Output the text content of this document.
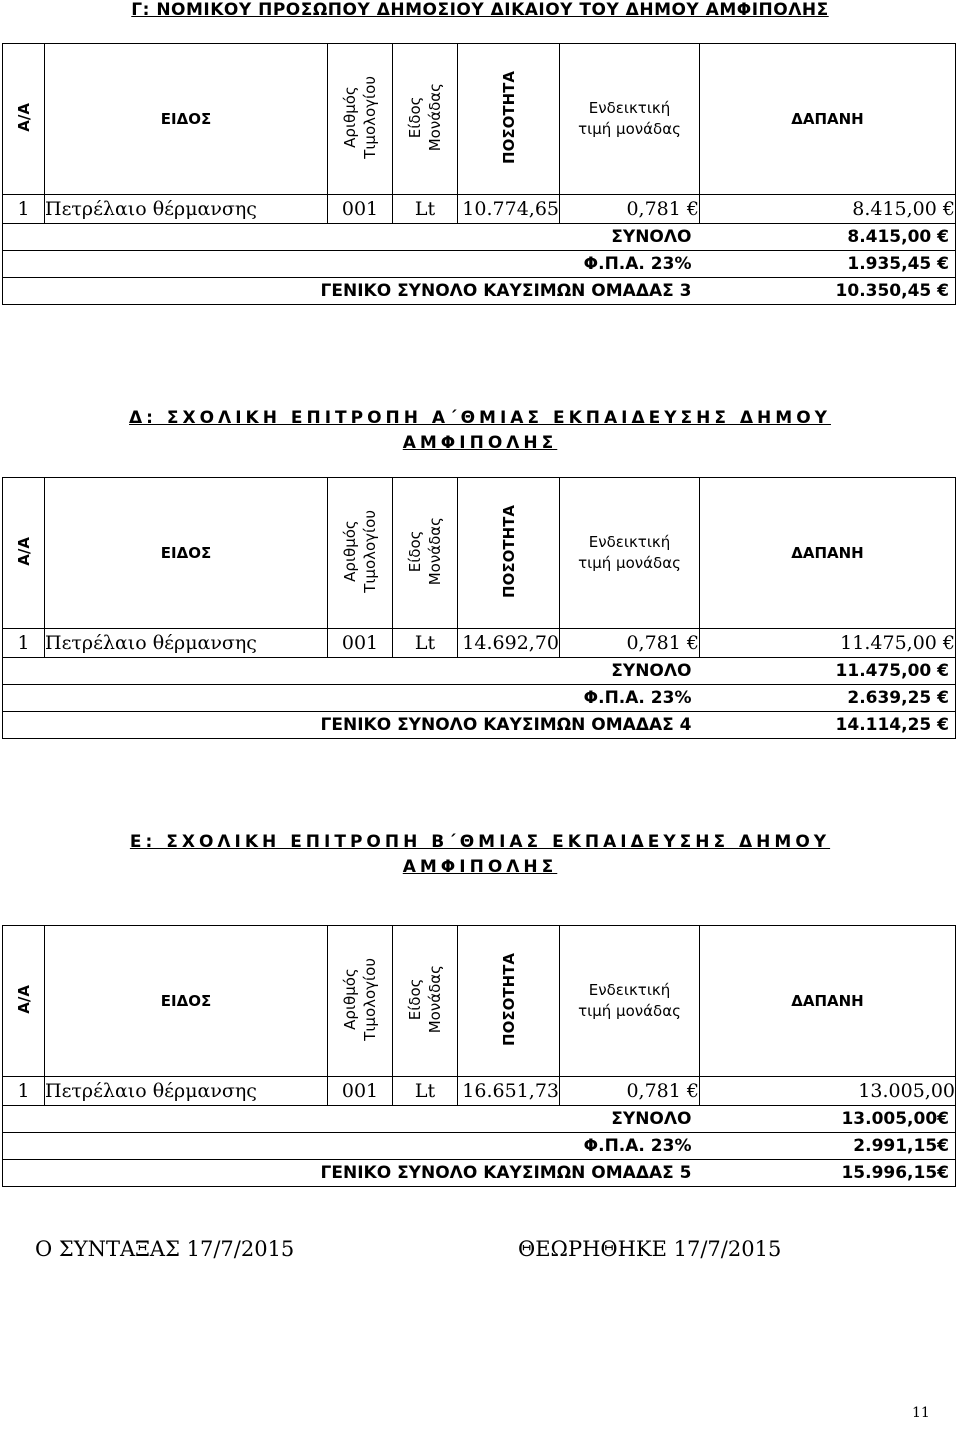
Γ: ΝΟΜΙΚΟΥ ΠΡΟΣΩΠΟΥ ΔΗΜΟΣΙΟΥ ΔΙΚΑΙΟΥ ΤΟΥ ΔΗΜΟΥ ΑΜΦΙΠΟΛΗΣ
Α/Α	ΕΙΔΟΣ	Αριθμός Τιμολογίου	Είδος Μονάδας	ΠΟΣΟΤΗΤΑ	Ενδεικτική
τιμή μονάδας	ΔΑΠΑΝΗ
1	Πετρέλαιο θέρμανσης	001	Lt	10.774,65	0,781 €	8.415,00 €
ΣΥΝΟΛΟ						8.415,00 €
Φ.Π.Α. 23%						1.935,45 €
ΓΕΝΙΚΟ ΣΥΝΟΛΟ ΚΑΥΣΙΜΩΝ ΟΜΑΔΑΣ 3						10.350,45 €
Δ: ΣΧΟΛΙΚΗ ΕΠΙΤΡΟΠΗ Α΄ΘΜΙΑΣ ΕΚΠΑΙΔΕΥΣΗΣ ΔΗΜΟΥ
ΑΜΦΙΠΟΛΗΣ
Α/Α	ΕΙΔΟΣ	Αριθμός Τιμολογίου	Είδος Μονάδας	ΠΟΣΟΤΗΤΑ	Ενδεικτική
τιμή μονάδας	ΔΑΠΑΝΗ
1	Πετρέλαιο θέρμανσης	001	Lt	14.692,70	0,781 €	11.475,00 €
ΣΥΝΟΛΟ						11.475,00 €
Φ.Π.Α. 23%						2.639,25 €
ΓΕΝΙΚΟ ΣΥΝΟΛΟ ΚΑΥΣΙΜΩΝ ΟΜΑΔΑΣ 4						14.114,25 €
Ε: ΣΧΟΛΙΚΗ ΕΠΙΤΡΟΠΗ Β΄ΘΜΙΑΣ ΕΚΠΑΙΔΕΥΣΗΣ ΔΗΜΟΥ
ΑΜΦΙΠΟΛΗΣ
Α/Α	ΕΙΔΟΣ	Αριθμός Τιμολογίου	Είδος Μονάδας	ΠΟΣΟΤΗΤΑ	Ενδεικτική
τιμή μονάδας	ΔΑΠΑΝΗ
1	Πετρέλαιο θέρμανσης	001	Lt	16.651,73	0,781 €	13.005,00
ΣΥΝΟΛΟ						13.005,00€
Φ.Π.Α. 23%						2.991,15€
ΓΕΝΙΚΟ ΣΥΝΟΛΟ ΚΑΥΣΙΜΩΝ ΟΜΑΔΑΣ 5						15.996,15€
Ο ΣΥΝΤΑΞΑΣ 17/7/2015	ΘΕΩΡΗΘΗΚΕ 17/7/2015
11
